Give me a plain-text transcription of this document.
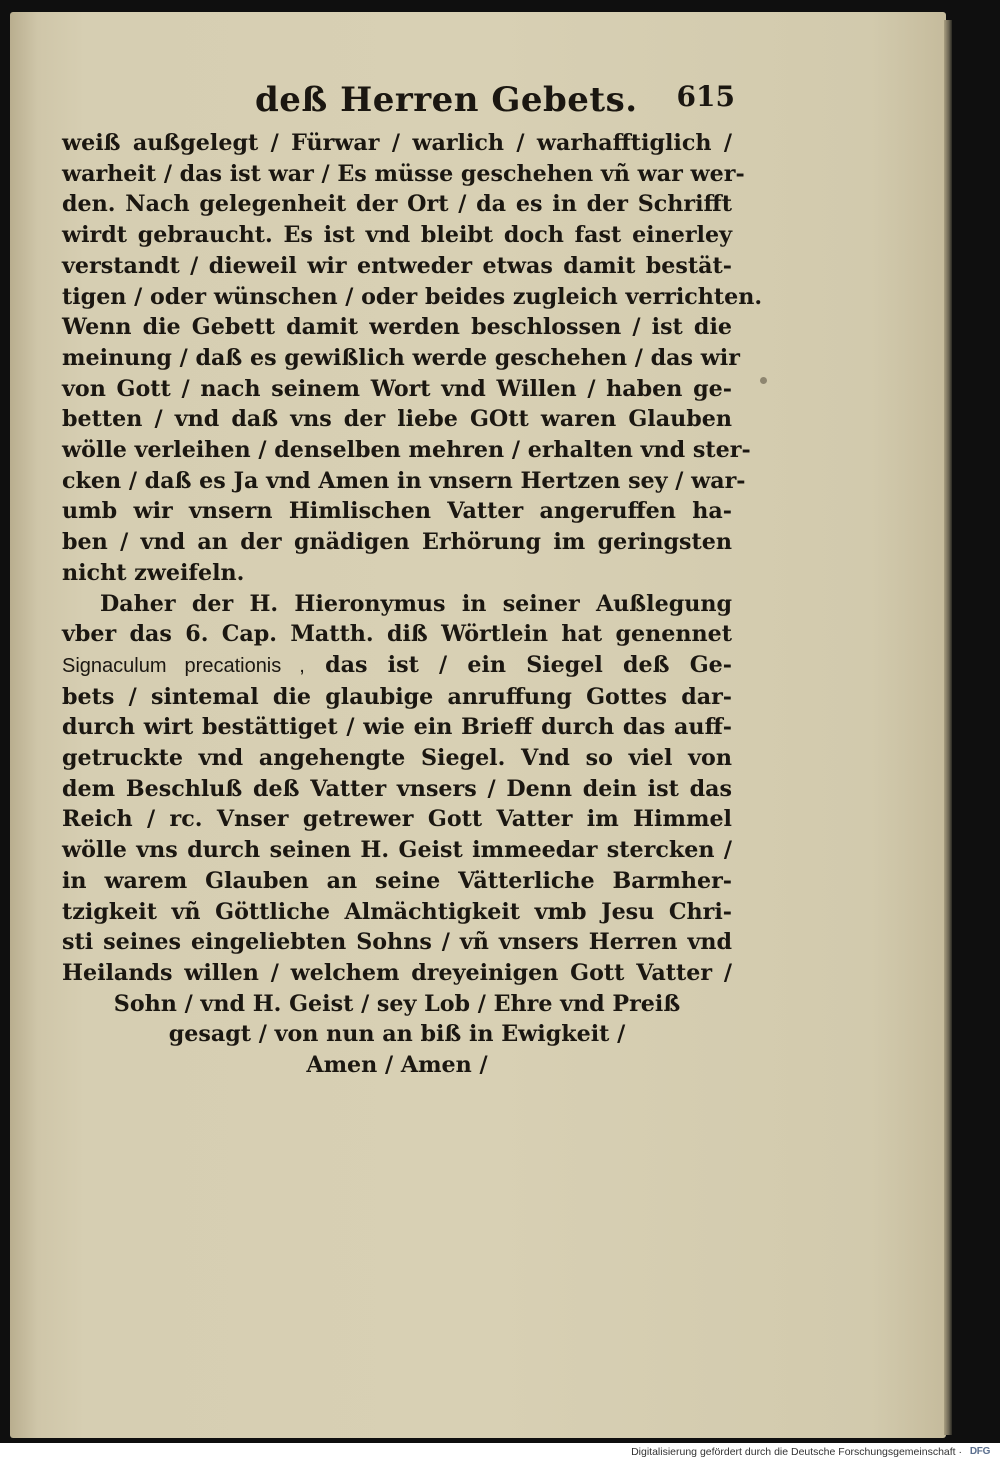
deß Herren Gebets. 615
weiß außgelegt / Fürwar / warlich / warhafftiglich /
warheit / das ist war / Es müsse geschehen vñ war wer-
den. Nach gelegenheit der Ort / da es in der Schrifft
wirdt gebraucht. Es ist vnd bleibt doch fast einerley
verstandt / dieweil wir entweder etwas damit bestät-
tigen / oder wünschen / oder beides zugleich verrichten.
Wenn die Gebett damit werden beschlossen / ist die
meinung / daß es gewißlich werde geschehen / das wir
von Gott / nach seinem Wort vnd Willen / haben ge-
betten / vnd daß vns der liebe GOtt waren Glauben
wölle verleihen / denselben mehren / erhalten vnd ster-
cken / daß es Ja vnd Amen in vnsern Hertzen sey / war-
umb wir vnsern Himlischen Vatter angeruffen ha-
ben / vnd an der gnädigen Erhörung im geringsten
nicht zweifeln.
Daher der H. Hieronymus in seiner Außlegung
vber das 6. Cap. Matth. diß Wörtlein hat genennet
Signaculum precationis , das ist / ein Siegel deß Ge-
bets / sintemal die glaubige anruffung Gottes dar-
durch wirt bestättiget / wie ein Brieff durch das auff-
getruckte vnd angehengte Siegel. Vnd so viel von
dem Beschluß deß Vatter vnsers / Denn dein ist das
Reich / rc. Vnser getrewer Gott Vatter im Himmel
wölle vns durch seinen H. Geist immeedar stercken /
in warem Glauben an seine Vätterliche Barmher-
tzigkeit vñ Göttliche Almächtigkeit vmb Jesu Chri-
sti seines eingeliebten Sohns / vñ vnsers Herren vnd
Heilands willen / welchem dreyeinigen Gott Vatter /
Sohn / vnd H. Geist / sey Lob / Ehre vnd Preiß
gesagt / von nun an biß in Ewigkeit /
Amen / Amen /
Digitalisierung gefördert durch die Deutsche Forschungsgemeinschaft · DFG
